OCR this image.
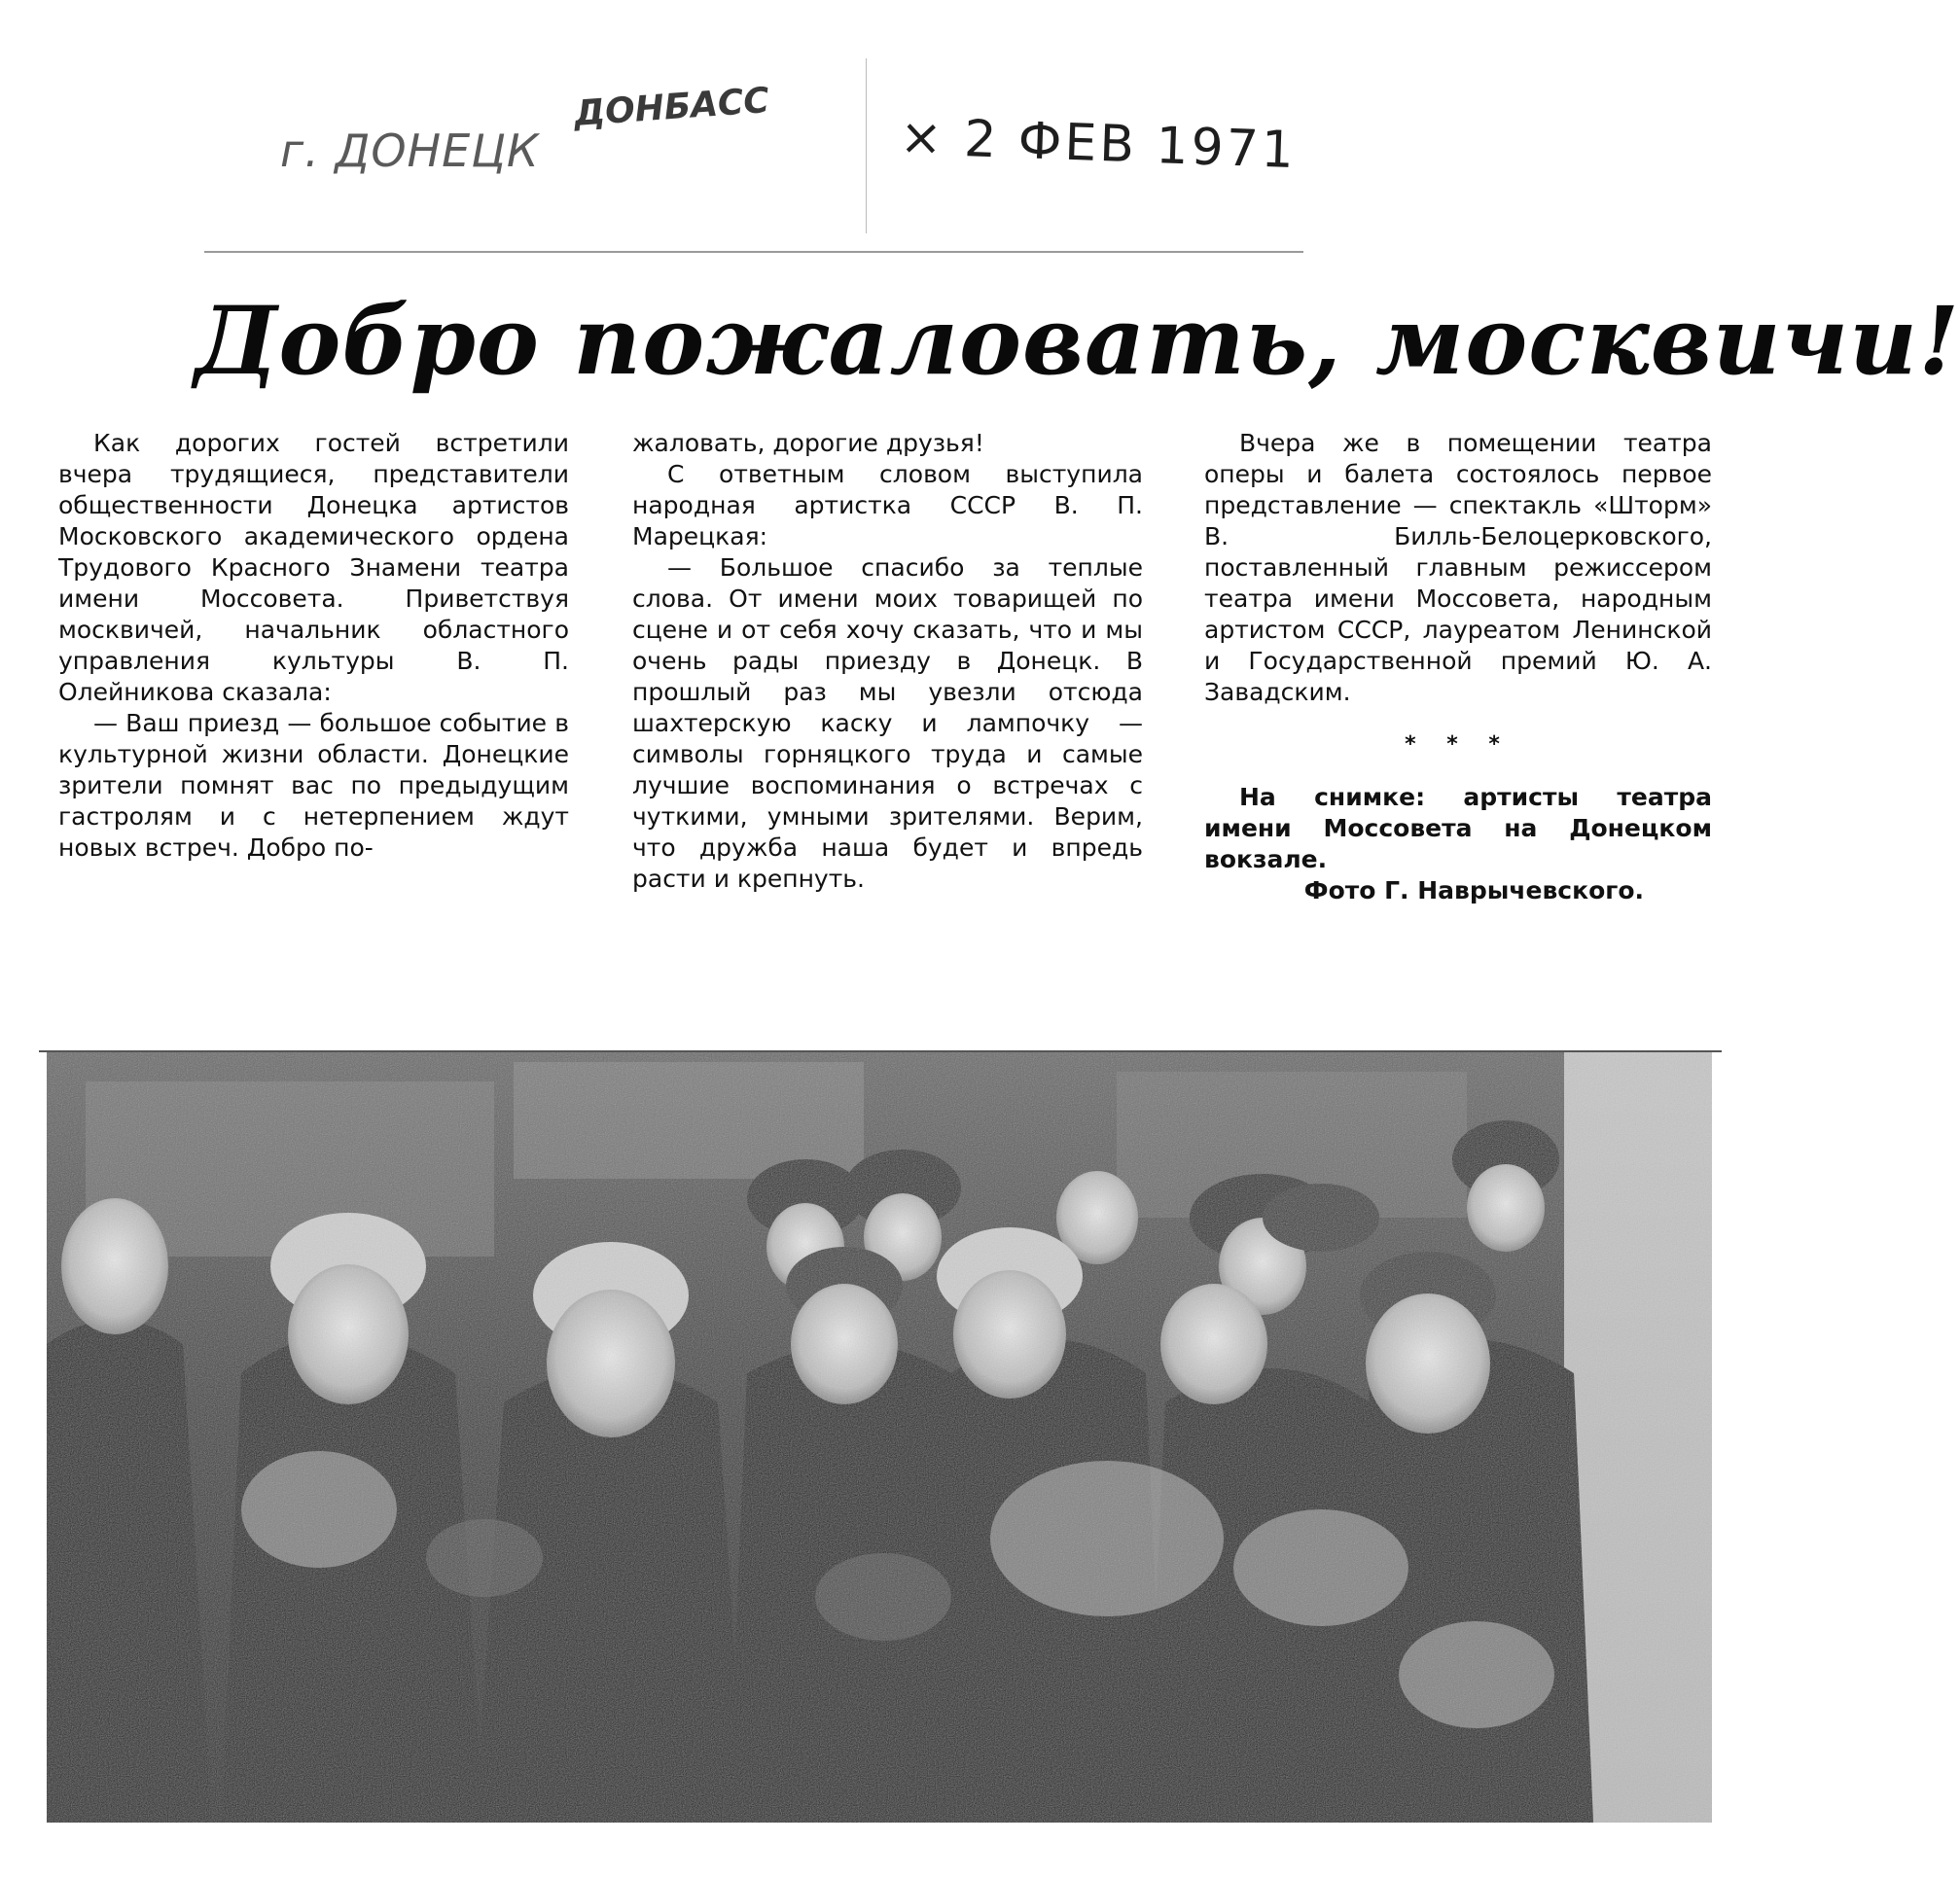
г. ДОНЕЦК
ДОНБАСС
× 2 ФЕВ 1971
Добро пожаловать, москвичи!

Как дорогих гостей встретили вчера трудящиеся, представители общественности Донецка артистов Московского академического ордена Трудового Красного Знамени театра имени Моссовета. Приветствуя москвичей, начальник областного управления культуры В. П. Олейникова сказала:

— Ваш приезд — большое событие в культурной жизни области. Донецкие зрители помнят вас по предыдущим гастролям и с нетерпением ждут новых встреч. Добро по-

жаловать, дорогие друзья!

С ответным словом выступила народная артистка СССР В. П. Марецкая:

— Большое спасибо за теплые слова. От имени моих товарищей по сцене и от себя хочу сказать, что и мы очень рады приезду в Донецк. В прошлый раз мы увезли отсюда шахтерскую каску и лампочку — символы горняцкого труда и самые лучшие воспоминания о встречах с чуткими, умными зрителями. Верим, что дружба наша будет и впредь расти и крепнуть.

Вчера же в помещении театра оперы и балета состоялось первое представление — спектакль «Шторм» В. Билль-Белоцерковского, поставленный главным режиссером театра имени Моссовета, народным артистом СССР, лауреатом Ленинской и Государственной премий Ю. А. Завадским.

* * *

На снимке: артисты театра имени Моссовета на Донецком вокзале.

Фото Г. Наврычевского.
